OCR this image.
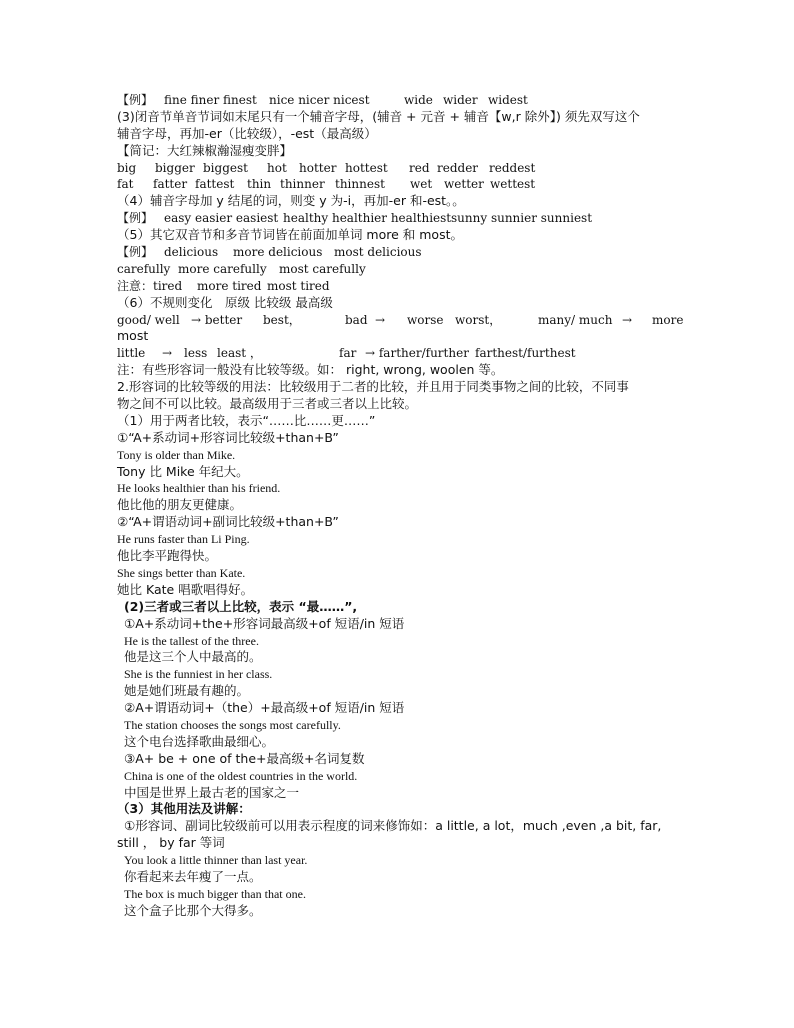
【例】 fine finer finest nice nicer nicest	wide wider widest
(3)闭音节单音节词如末尾只有一个辅音字母，(辅音 + 元音 + 辅音【w,r 除外】) 须先双写这个
辅音字母，再加-er（比较级），-est（最高级）
【简记：大红辣椒瀚湿瘦变胖】
big bigger biggest hot hotter hottest red redder reddest
fat fatter fattest thin thinner thinnest wet wetter wettest
（4）辅音字母加 y 结尾的词，则变 y 为-i，再加-er 和-est。。
【例】 easy easier easiest healthy healthier healthiest sunny sunnier sunniest
（5）其它双音节和多音节词皆在前面加单词 more 和 most。
【例】 delicious more delicious most delicious
carefully more carefully most carefully
注意：tired more tired most tired
（6）不规则变化　原级 比较级 最高级
good/ well → better best，	bad → worse worst，	many/ much → more
most
little → less least ，	far → farther/further farthest/furthest
注：有些形容词一般没有比较等级。如： right, wrong, woolen 等。
2.形容词的比较等级的用法：比较级用于二者的比较，并且用于同类事物之间的比较，不同事
物之间不可以比较。最高级用于三者或三者以上比较。
（1）用于两者比较，表示“……比……更……”
①“A+系动词+形容词比较级+than+B”
Tony is older than Mike.
Tony 比 Mike 年纪大。
He looks healthier than his friend.
他比他的朋友更健康。
②“A+谓语动词+副词比较级+than+B”
He runs faster than Li Ping.
他比李平跑得快。
She sings better than Kate.
她比 Kate 唱歌唱得好。
(2)三者或三者以上比较，表示 “最……”,
①A+系动词+the+形容词最高级+of 短语/in 短语
He is the tallest of the three.
他是这三个人中最高的。
She is the funniest in her class.
她是她们班最有趣的。
②A+谓语动词+（the）+最高级+of 短语/in 短语
The station chooses the songs most carefully.
这个电台选择歌曲最细心。
③A+ be + one of the+最高级+名词复数
China is one of the oldest countries in the world.
中国是世界上最古老的国家之一
（3）其他用法及讲解：
①形容词、副词比较级前可以用表示程度的词来修饰如：a little, a lot，much ,even ,a bit, far,
still ， by far 等词
You look a little thinner than last year.
你看起来去年瘦了一点。
The box is much bigger than that one.
这个盒子比那个大得多。
